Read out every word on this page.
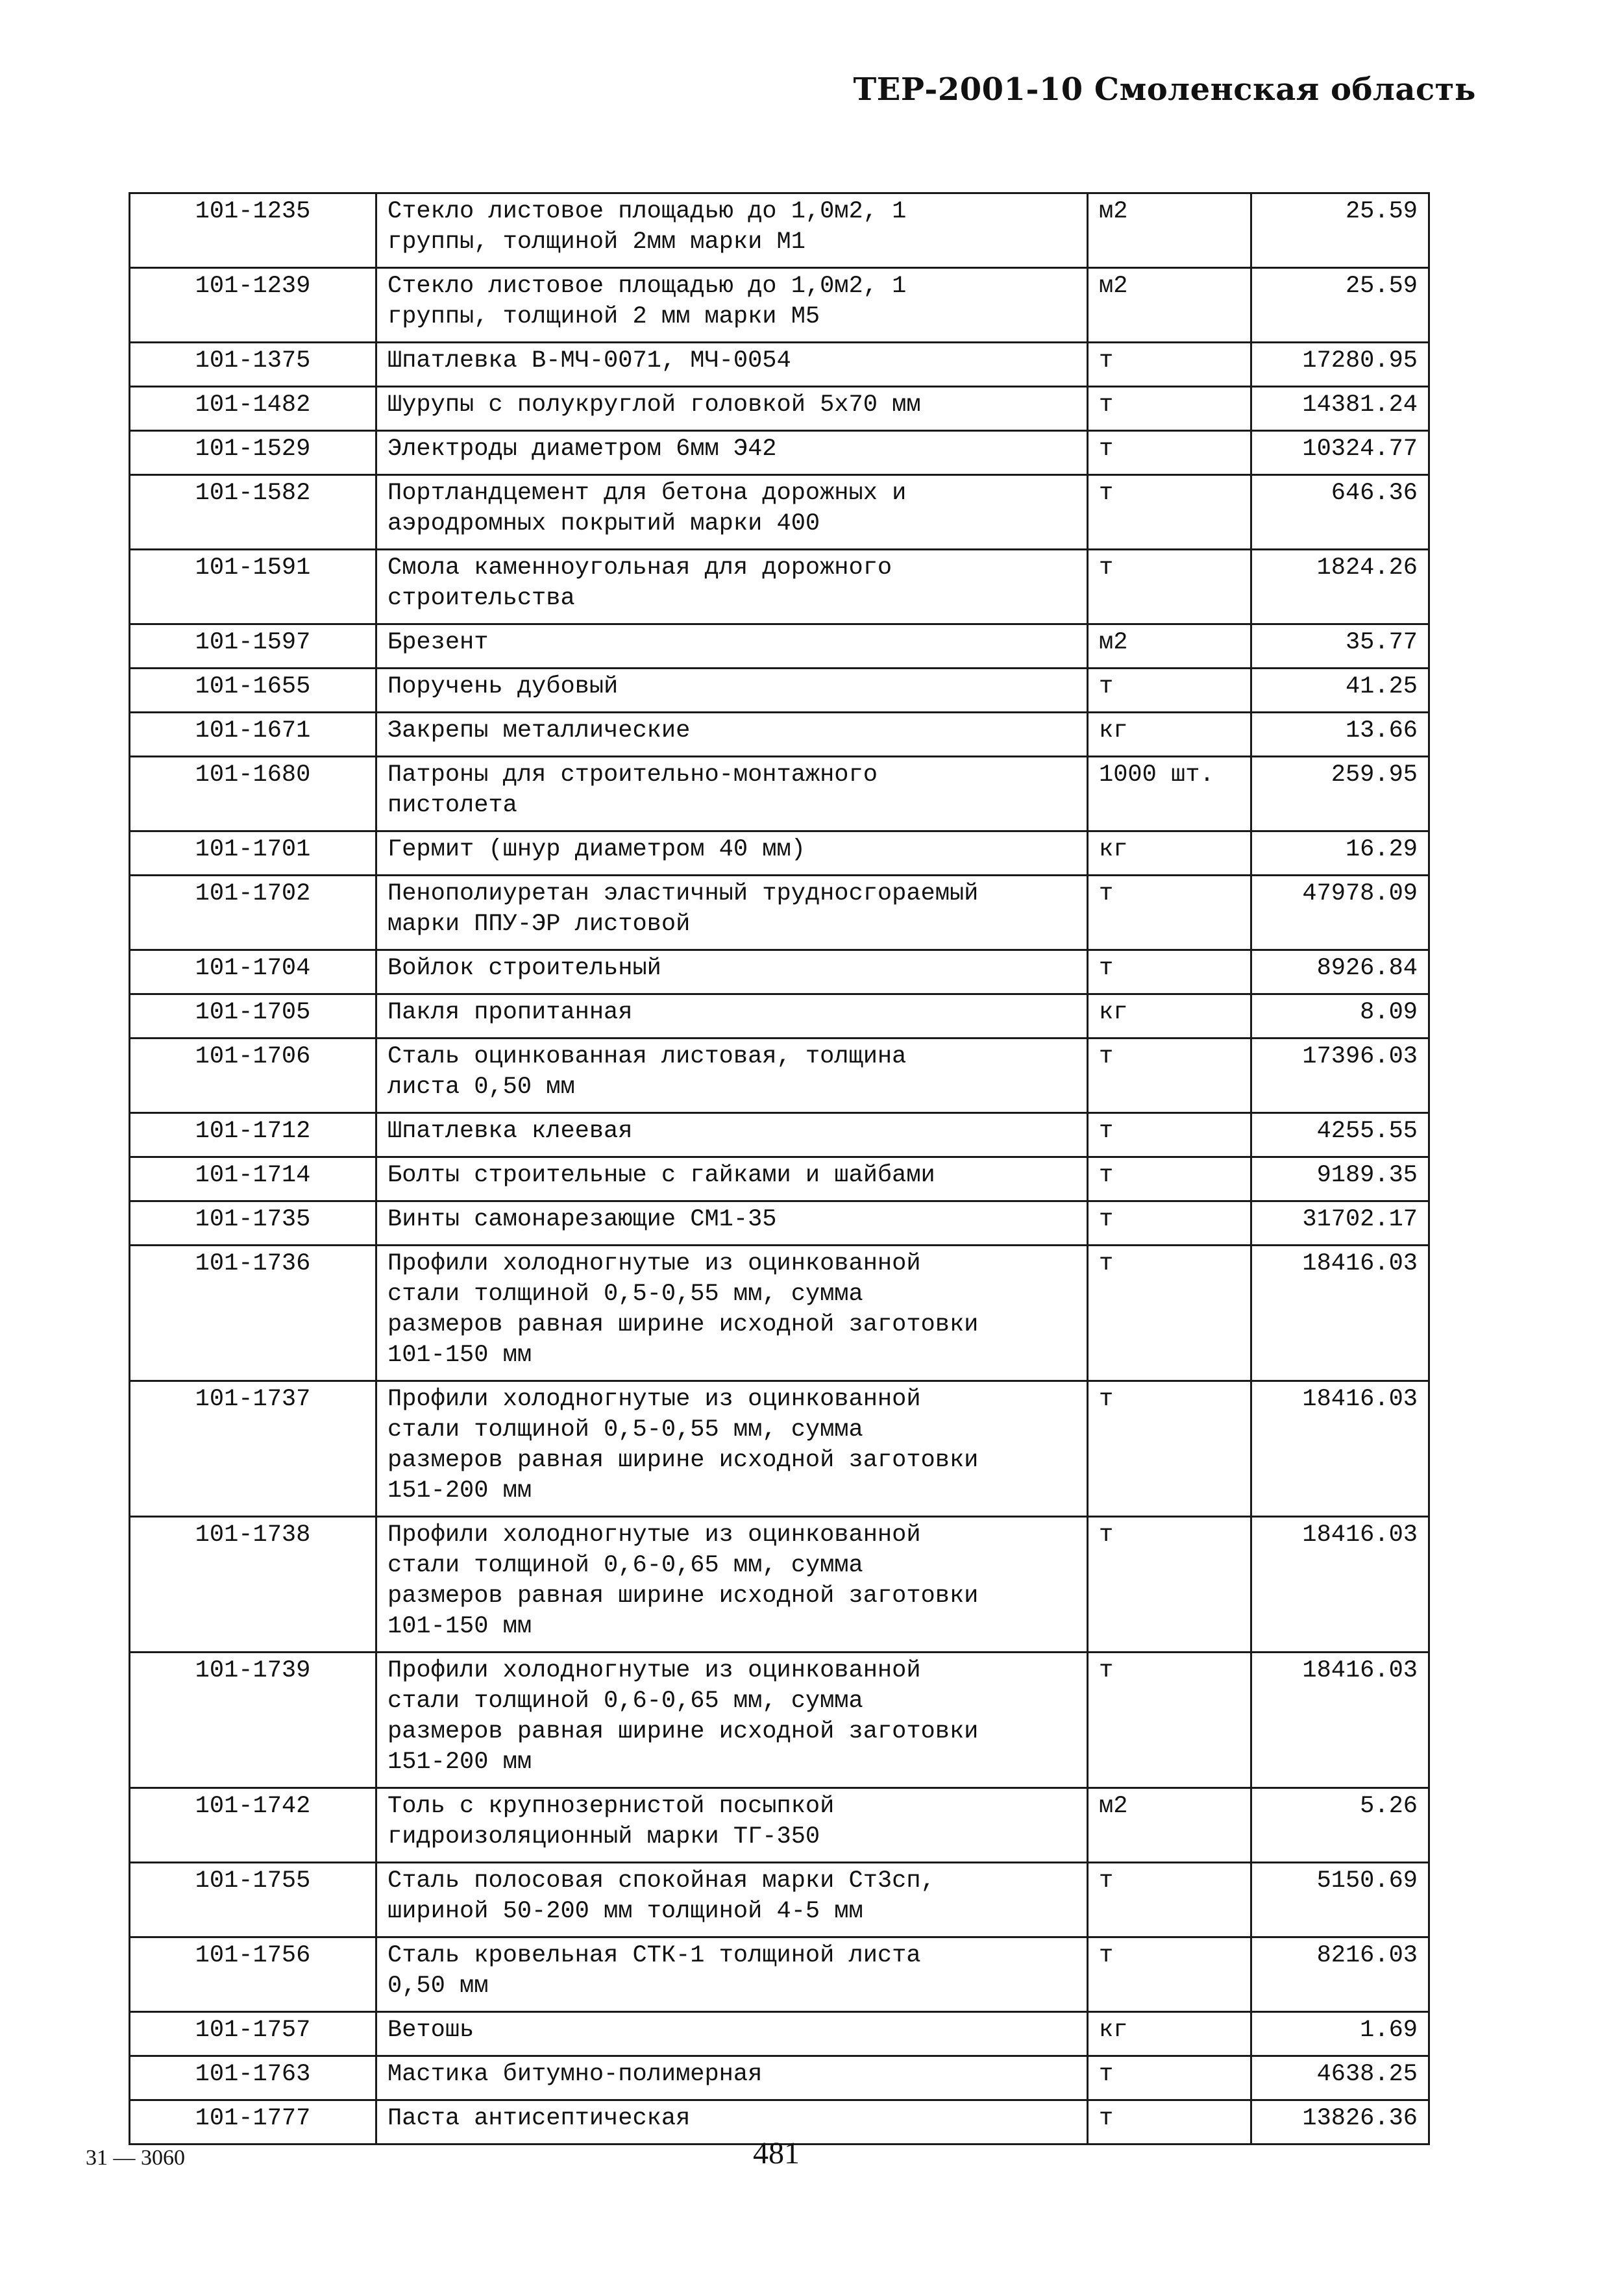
ТЕР-2001-10 Смоленская область
101-1235	Стекло листовое площадью до 1,0м2, 1
группы, толщиной 2мм марки М1	м2	25.59
101-1239	Стекло листовое площадью до 1,0м2, 1
группы, толщиной 2 мм марки М5	м2	25.59
101-1375	Шпатлевка В-МЧ-0071, МЧ-0054	т	17280.95
101-1482	Шурупы с полукруглой головкой 5х70 мм	т	14381.24
101-1529	Электроды диаметром 6мм Э42	т	10324.77
101-1582	Портландцемент для бетона дорожных и
аэродромных покрытий марки 400	т	646.36
101-1591	Смола каменноугольная для дорожного
строительства	т	1824.26
101-1597	Брезент	м2	35.77
101-1655	Поручень дубовый	т	41.25
101-1671	Закрепы металлические	кг	13.66
101-1680	Патроны для строительно-монтажного
пистолета	1000 шт.	259.95
101-1701	Гермит (шнур диаметром 40 мм)	кг	16.29
101-1702	Пенополиуретан эластичный трудносгораемый
марки ППУ-ЭР листовой	т	47978.09
101-1704	Войлок строительный	т	8926.84
101-1705	Пакля пропитанная	кг	8.09
101-1706	Сталь оцинкованная листовая, толщина
листа 0,50 мм	т	17396.03
101-1712	Шпатлевка клеевая	т	4255.55
101-1714	Болты строительные с гайками и шайбами	т	9189.35
101-1735	Винты самонарезающие СМ1-35	т	31702.17
101-1736	Профили холодногнутые из оцинкованной
стали толщиной 0,5-0,55 мм, сумма
размеров равная ширине исходной заготовки
101-150 мм	т	18416.03
101-1737	Профили холодногнутые из оцинкованной
стали толщиной 0,5-0,55 мм, сумма
размеров равная ширине исходной заготовки
151-200 мм	т	18416.03
101-1738	Профили холодногнутые из оцинкованной
стали толщиной 0,6-0,65 мм, сумма
размеров равная ширине исходной заготовки
101-150 мм	т	18416.03
101-1739	Профили холодногнутые из оцинкованной
стали толщиной 0,6-0,65 мм, сумма
размеров равная ширине исходной заготовки
151-200 мм	т	18416.03
101-1742	Толь с крупнозернистой посыпкой
гидроизоляционный марки ТГ-350	м2	5.26
101-1755	Сталь полосовая спокойная марки Ст3сп,
шириной 50-200 мм толщиной 4-5 мм	т	5150.69
101-1756	Сталь кровельная СТК-1 толщиной листа
0,50 мм	т	8216.03
101-1757	Ветошь	кг	1.69
101-1763	Мастика битумно-полимерная	т	4638.25
101-1777	Паста антисептическая	т	13826.36
31 — 3060	481
